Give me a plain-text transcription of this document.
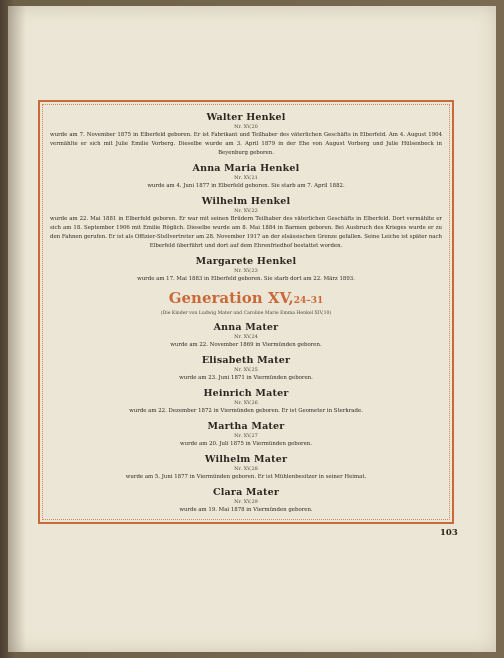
Walter Henkel

Nr. XV,20

wurde am 7. November 1875 in Elberfeld geboren. Er ist Fabrikant und Teilhaber des väterlichen Geschäfts in Elberfeld. Am 4. August 1904 vermählte er sich mit Julie Emilie Vorberg. Dieselbe wurde am 3. April 1879 in der Ehe von August Vorberg und Julie Hülsenbeck in Beyenburg geboren.

Anna Maria Henkel

Nr. XV,21

wurde am 4. Juni 1877 in Elberfeld geboren. Sie starb am 7. April 1882.

Wilhelm Henkel

Nr. XV,22

wurde am 22. Mai 1881 in Elberfeld geboren. Er war mit seinen Brüdern Teilhaber des väterlichen Geschäfts in Elberfeld. Dort vermählte er sich am 18. September 1906 mit Emilie Röglich. Dieselbe wurde am 8. Mai 1884 in Barmen geboren. Bei Ausbruch des Krieges wurde er zu den Fahnen gerufen. Er ist als Offizier-Stellvertreter am 28. November 1917 an der elsässischen Grenze gefallen. Seine Leiche ist später nach Elberfeld überführt und dort auf dem Ehrenfriedhof bestattet worden.

Margarete Henkel

Nr. XV,23

wurde am 17. Mai 1883 in Elberfeld geboren. Sie starb dort am 22. März 1893.

Generation XV,24–31

(Die Kinder von Ludwig Mater und Caroline Marie Emma Henkel XIV,10)

Anna Mater

Nr. XV,24

wurde am 22. November 1869 in Viermünden geboren.

Elisabeth Mater

Nr. XV,25

wurde am 23. Juni 1871 in Viermünden geboren.

Heinrich Mater

Nr. XV,26

wurde am 22. Dezember 1872 in Viermünden geboren. Er ist Geometer in Sterkrade.

Martha Mater

Nr. XV,27

wurde am 20. Juli 1875 in Viermünden geboren.

Wilhelm Mater

Nr. XV,28

wurde am 5. Juni 1877 in Viermünden geboren. Er ist Mühlenbesitzer in seiner Heimat.

Clara Mater

Nr. XV,29

wurde am 19. Mai 1878 in Viermünden geboren.

103
